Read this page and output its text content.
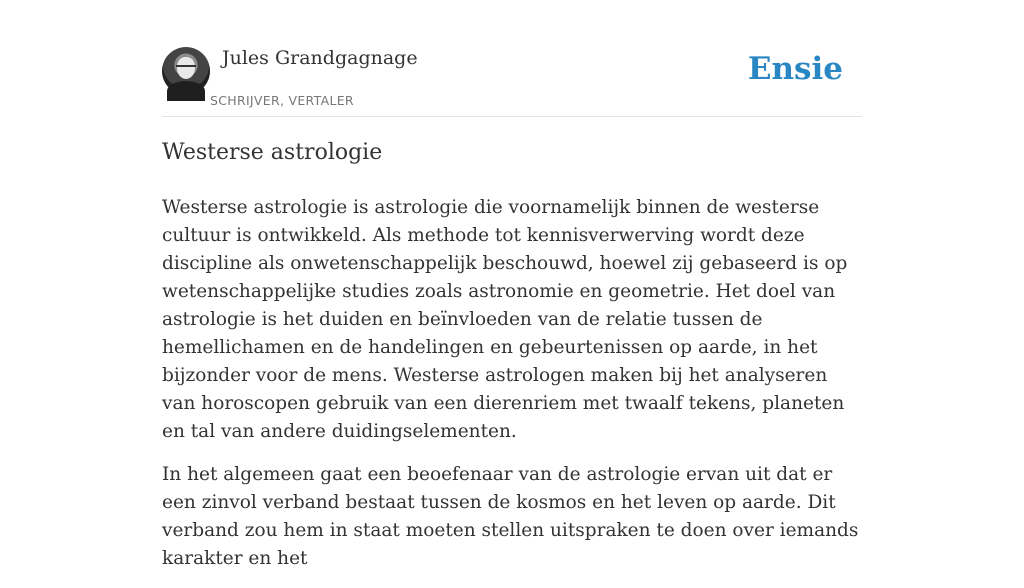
Jules Grandgagnage
SCHRIJVER, VERTALER
Ensie
Westerse astrologie

Westerse astrologie is astrologie die voornamelijk binnen de westerse cultuur is ontwikkeld. Als methode tot kennisverwerving wordt deze discipline als onwetenschappelijk beschouwd, hoewel zij gebaseerd is op wetenschappelijke studies zoals astronomie en geometrie. Het doel van astrologie is het duiden en beïnvloeden van de relatie tussen de hemellichamen en de handelingen en gebeurtenissen op aarde, in het bijzonder voor de mens. Westerse astrologen maken bij het analyseren van horoscopen gebruik van een dierenriem met twaalf tekens, planeten en tal van andere duidingselementen.

In het algemeen gaat een beoefenaar van de astrologie ervan uit dat er een zinvol verband bestaat tussen de kosmos en het leven op aarde. Dit verband zou hem in staat moeten stellen uitspraken te doen over iemands karakter en het
